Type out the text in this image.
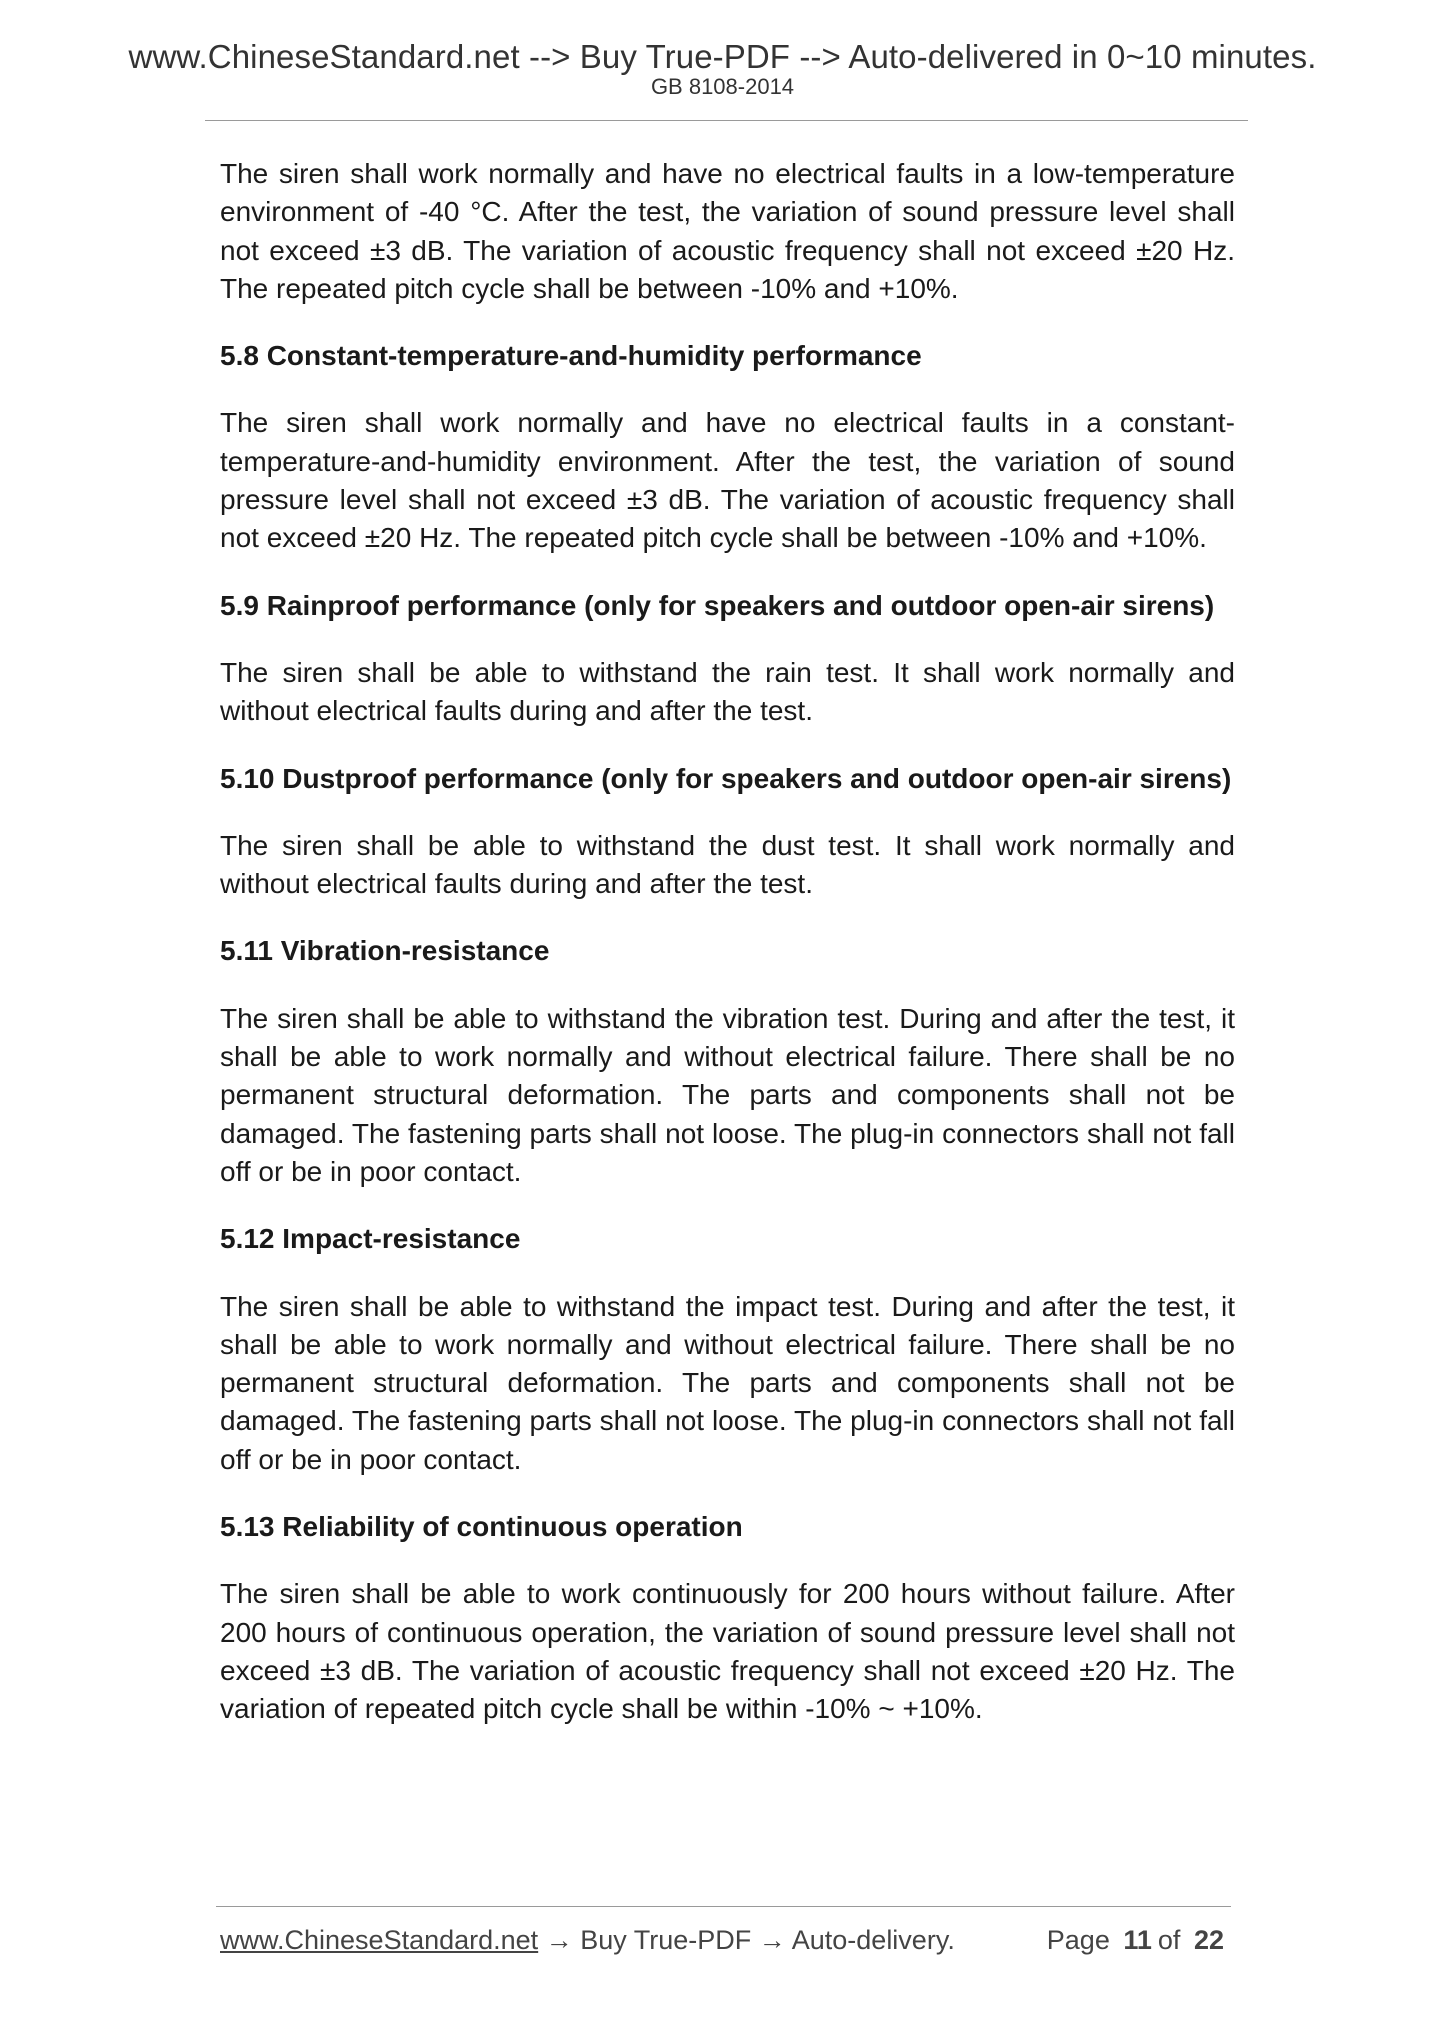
www.ChineseStandard.net --> Buy True-PDF --> Auto-delivered in 0~10 minutes.
GB 8108-2014

The siren shall work normally and have no electrical faults in a low-temperature environment of -40 °C. After the test, the variation of sound pressure level shall not exceed ±3 dB. The variation of acoustic frequency shall not exceed ±20 Hz. The repeated pitch cycle shall be between -10% and +10%.

5.8 Constant-temperature-and-humidity performance

The siren shall work normally and have no electrical faults in a constant-temperature-and-humidity environment. After the test, the variation of sound pressure level shall not exceed ±3 dB. The variation of acoustic frequency shall not exceed ±20 Hz. The repeated pitch cycle shall be between -10% and +10%.

5.9 Rainproof performance (only for speakers and outdoor open-air sirens)

The siren shall be able to withstand the rain test. It shall work normally and without electrical faults during and after the test.

5.10 Dustproof performance (only for speakers and outdoor open-air sirens)

The siren shall be able to withstand the dust test. It shall work normally and without electrical faults during and after the test.

5.11 Vibration-resistance

The siren shall be able to withstand the vibration test. During and after the test, it shall be able to work normally and without electrical failure. There shall be no permanent structural deformation. The parts and components shall not be damaged. The fastening parts shall not loose. The plug-in connectors shall not fall off or be in poor contact.

5.12 Impact-resistance

The siren shall be able to withstand the impact test. During and after the test, it shall be able to work normally and without electrical failure. There shall be no permanent structural deformation. The parts and components shall not be damaged. The fastening parts shall not loose. The plug-in connectors shall not fall off or be in poor contact.

5.13 Reliability of continuous operation

The siren shall be able to work continuously for 200 hours without failure. After 200 hours of continuous operation, the variation of sound pressure level shall not exceed ±3 dB. The variation of acoustic frequency shall not exceed ±20 Hz. The variation of repeated pitch cycle shall be within -10% ~ +10%.

www.ChineseStandard.net → Buy True-PDF → Auto-delivery.	Page 11 of 22
